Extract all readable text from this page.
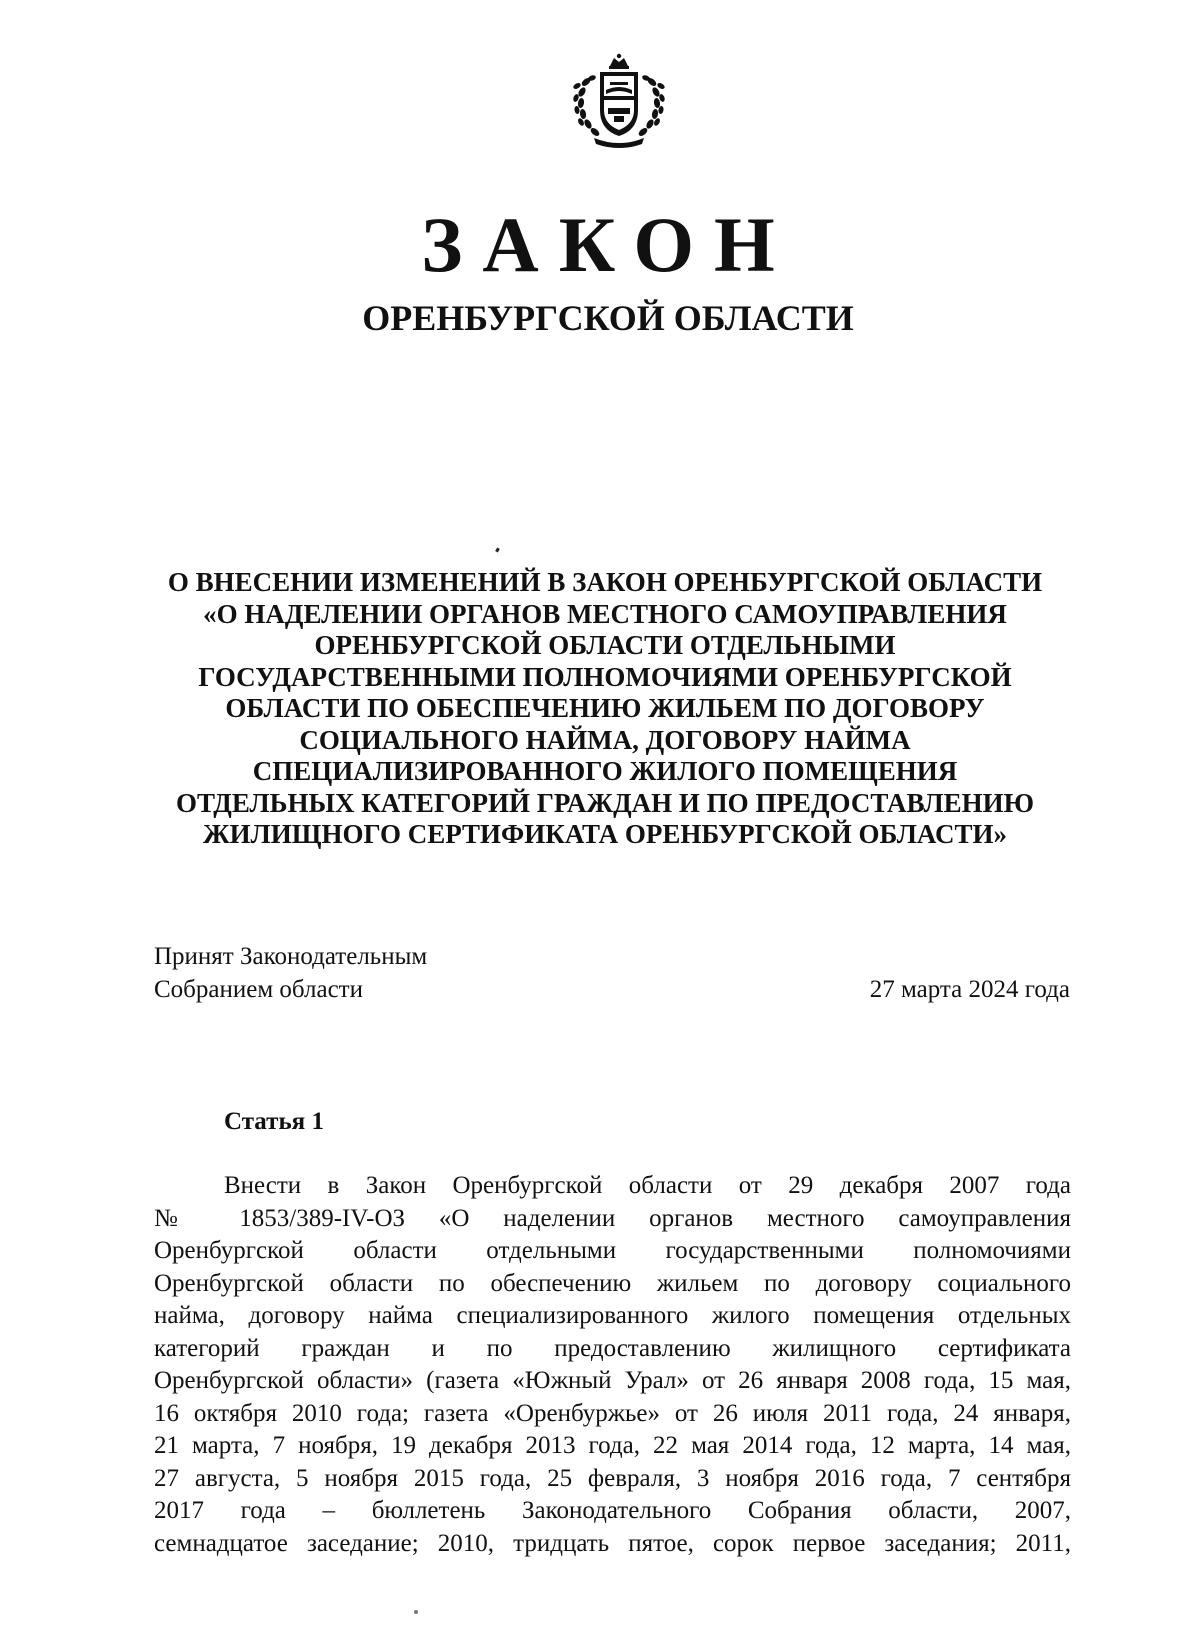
ЗАКОН
ОРЕНБУРГСКОЙ ОБЛАСТИ
О ВНЕСЕНИИ ИЗМЕНЕНИЙ В ЗАКОН ОРЕНБУРГСКОЙ ОБЛАСТИ
«О НАДЕЛЕНИИ ОРГАНОВ МЕСТНОГО САМОУПРАВЛЕНИЯ
ОРЕНБУРГСКОЙ ОБЛАСТИ ОТДЕЛЬНЫМИ
ГОСУДАРСТВЕННЫМИ ПОЛНОМОЧИЯМИ ОРЕНБУРГСКОЙ
ОБЛАСТИ ПО ОБЕСПЕЧЕНИЮ ЖИЛЬЕМ ПО ДОГОВОРУ
СОЦИАЛЬНОГО НАЙМА, ДОГОВОРУ НАЙМА
СПЕЦИАЛИЗИРОВАННОГО ЖИЛОГО ПОМЕЩЕНИЯ
ОТДЕЛЬНЫХ КАТЕГОРИЙ ГРАЖДАН И ПО ПРЕДОСТАВЛЕНИЮ
ЖИЛИЩНОГО СЕРТИФИКАТА ОРЕНБУРГСКОЙ ОБЛАСТИ»
Принят Законодательным
Собранием области	27 марта 2024 года
Статья 1
Внести в Закон Оренбургской области от 29 декабря 2007 года
№ 1853/389-IV-ОЗ «О наделении органов местного самоуправления
Оренбургской области отдельными государственными полномочиями
Оренбургской области по обеспечению жильем по договору социального
найма, договору найма специализированного жилого помещения отдельных
категорий граждан и по предоставлению жилищного сертификата
Оренбургской области» (газета «Южный Урал» от 26 января 2008 года, 15 мая,
16 октября 2010 года; газета «Оренбуржье» от 26 июля 2011 года, 24 января,
21 марта, 7 ноября, 19 декабря 2013 года, 22 мая 2014 года, 12 марта, 14 мая,
27 августа, 5 ноября 2015 года, 25 февраля, 3 ноября 2016 года, 7 сентября
2017 года – бюллетень Законодательного Собрания области, 2007,
семнадцатое заседание; 2010, тридцать пятое, сорок первое заседания; 2011,
